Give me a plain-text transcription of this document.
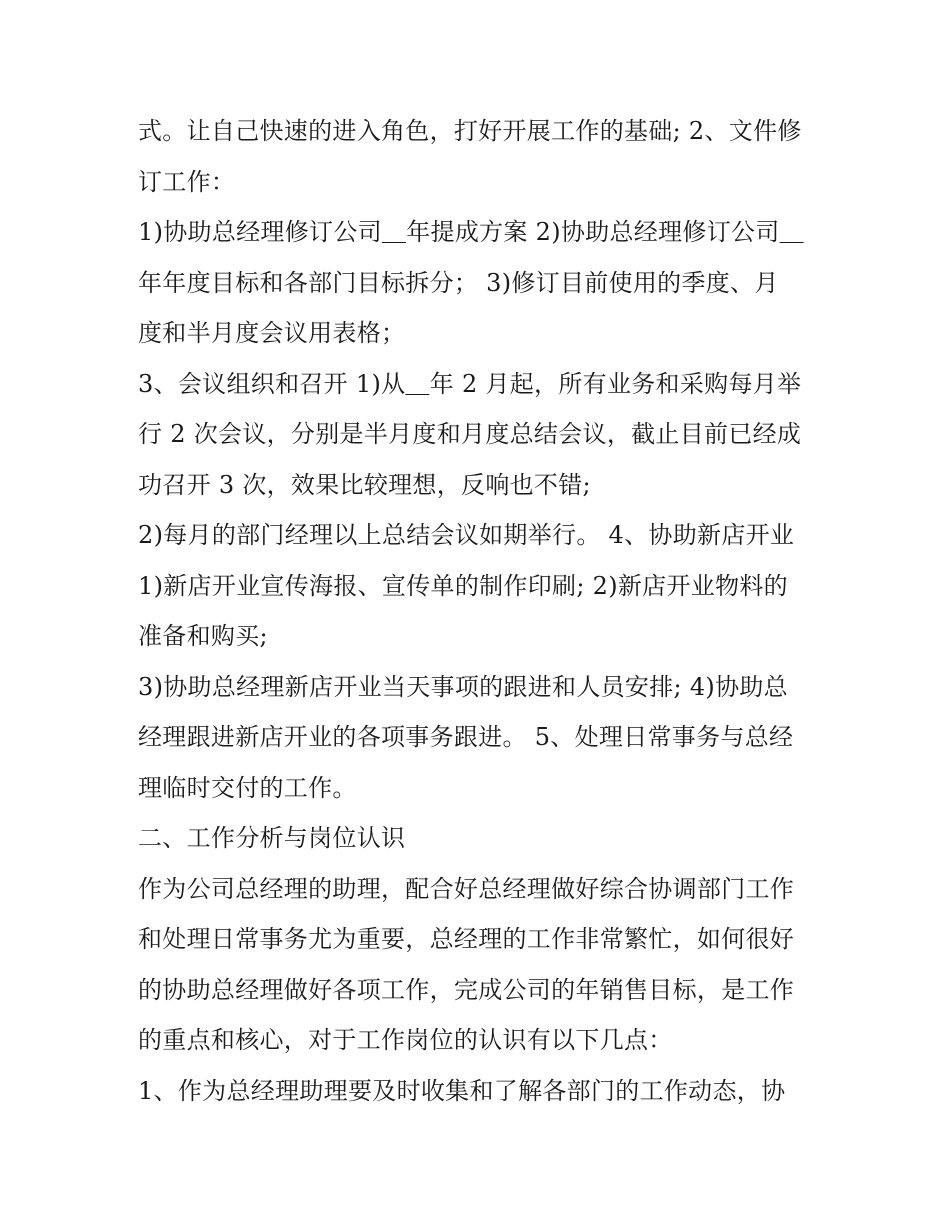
式。让自己快速的进入角色，打好开展工作的基础; 2、文件修
订工作：
1)协助总经理修订公司＿年提成方案 2)协助总经理修订公司＿
年年度目标和各部门目标拆分； 3)修订目前使用的季度、月
度和半月度会议用表格；
3、会议组织和召开 1)从＿年 2 月起，所有业务和采购每月举
行 2 次会议，分别是半月度和月度总结会议，截止目前已经成
功召开 3 次，效果比较理想，反响也不错;
2)每月的部门经理以上总结会议如期举行。 4、协助新店开业
1)新店开业宣传海报、宣传单的制作印刷; 2)新店开业物料的
准备和购买;
3)协助总经理新店开业当天事项的跟进和人员安排; 4)协助总
经理跟进新店开业的各项事务跟进。 5、处理日常事务与总经
理临时交付的工作。
二、工作分析与岗位认识
作为公司总经理的助理，配合好总经理做好综合协调部门工作
和处理日常事务尤为重要，总经理的工作非常繁忙，如何很好
的协助总经理做好各项工作，完成公司的年销售目标，是工作
的重点和核心，对于工作岗位的认识有以下几点：
1、作为总经理助理要及时收集和了解各部门的工作动态，协
